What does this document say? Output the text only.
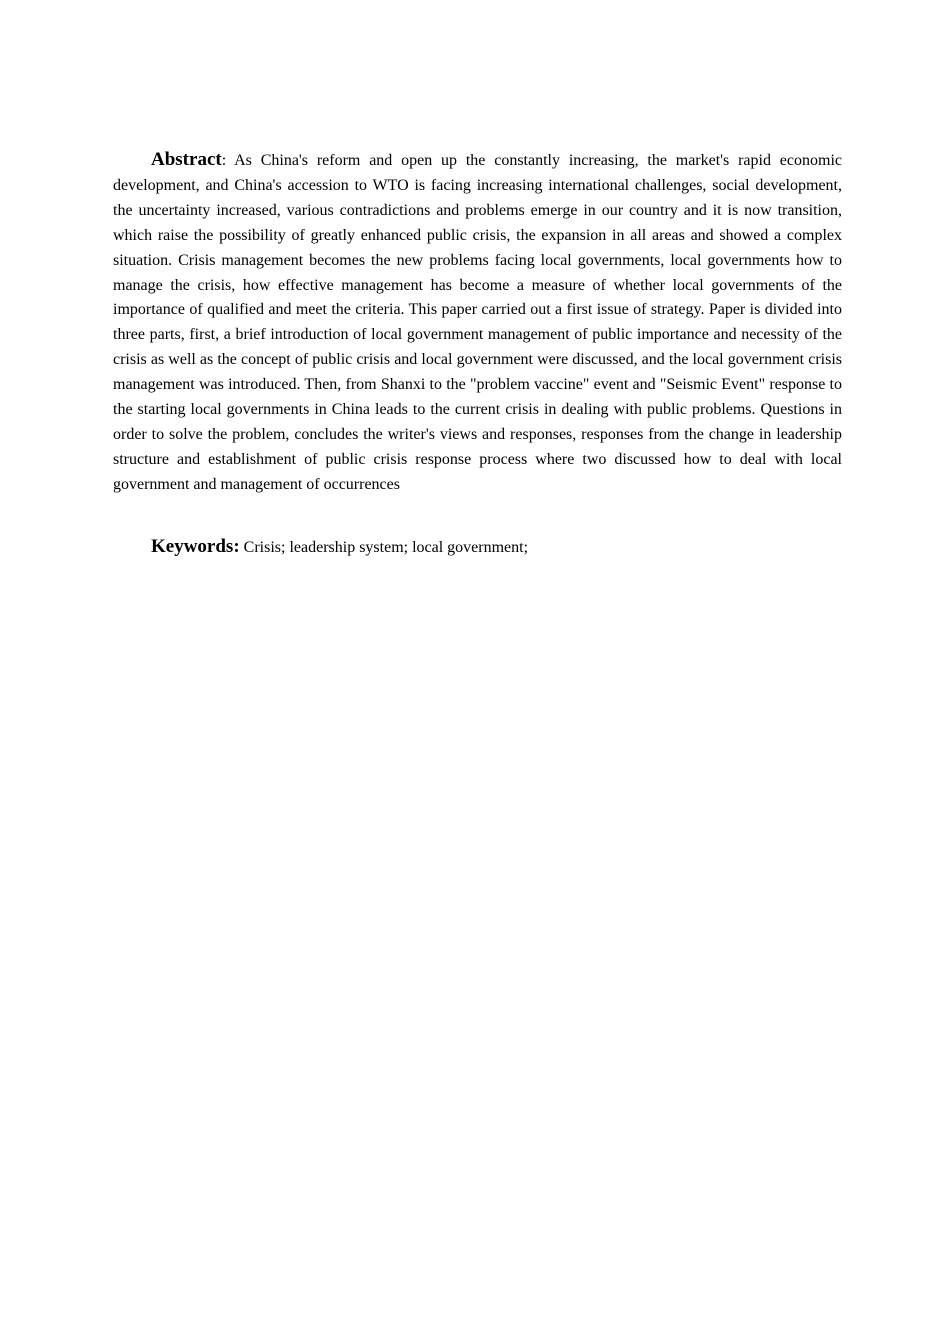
Abstract: As China's reform and open up the constantly increasing, the market's rapid economic development, and China's accession to WTO is facing increasing international challenges, social development, the uncertainty increased, various contradictions and problems emerge in our country and it is now transition, which raise the possibility of greatly enhanced public crisis, the expansion in all areas and showed a complex situation. Crisis management becomes the new problems facing local governments, local governments how to manage the crisis, how effective management has become a measure of whether local governments of the importance of qualified and meet the criteria. This paper carried out a first issue of strategy. Paper is divided into three parts, first, a brief introduction of local government management of public importance and necessity of the crisis as well as the concept of public crisis and local government were discussed, and the local government crisis management was introduced. Then, from Shanxi to the "problem vaccine" event and "Seismic Event" response to the starting local governments in China leads to the current crisis in dealing with public problems. Questions in order to solve the problem, concludes the writer's views and responses, responses from the change in leadership structure and establishment of public crisis response process where two discussed how to deal with local government and management of occurrences

Keywords: Crisis; leadership system; local government;
